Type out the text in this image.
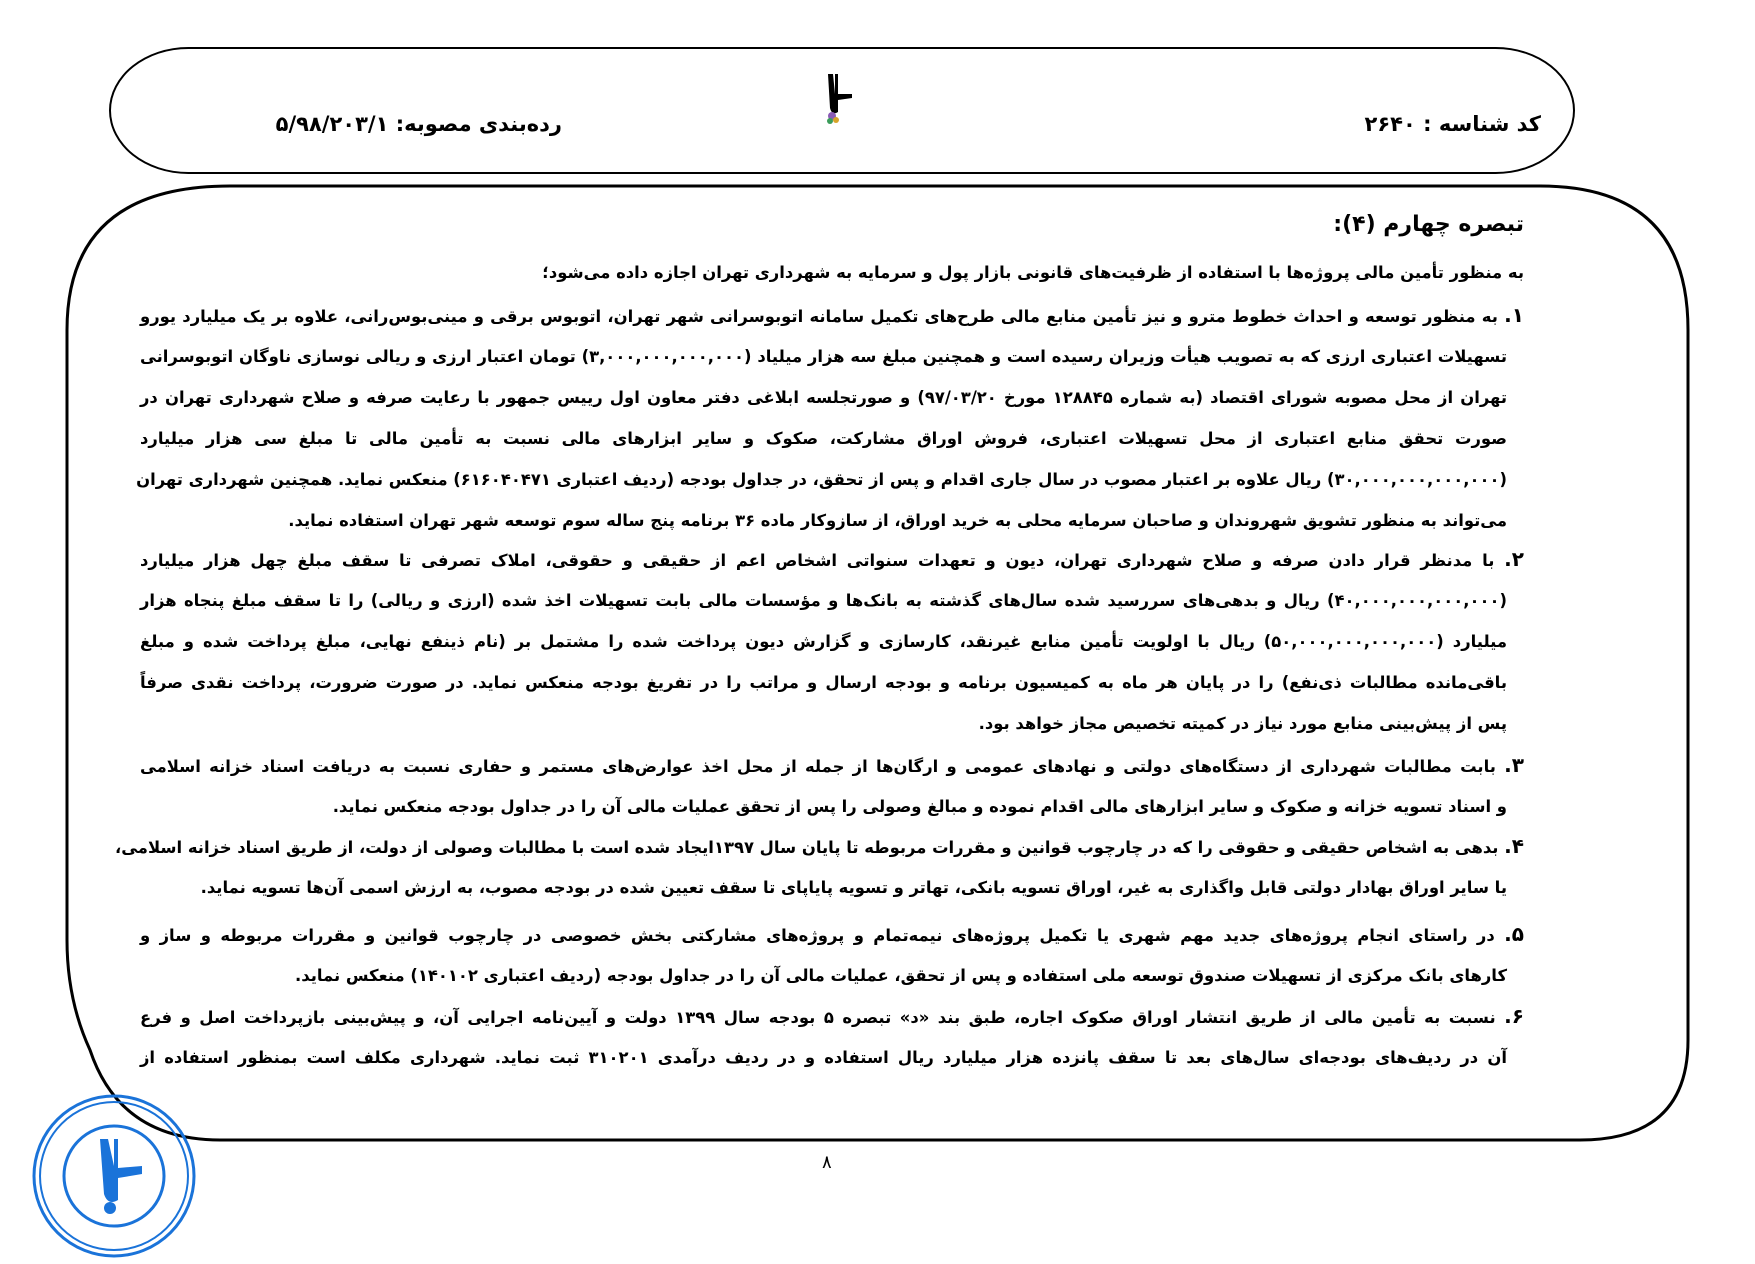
کد شناسه : ۲۶۴۰
رده‌بندی مصوبه: ۵/۹۸/۲۰۳/۱
تبصره چهارم (۴):
به منظور تأمین مالی پروژه‌ها با استفاده از ظرفیت‌های قانونی بازار پول و سرمایه به شهرداری تهران اجازه داده می‌شود؛
۱. به منظور توسعه و احداث خطوط مترو و نیز تأمین منابع مالی طرح‌های تکمیل سامانه اتوبوسرانی شهر تهران، اتوبوس برقی و مینی‌بوس‌رانی، علاوه بر یک میلیارد یورو
تسهیلات اعتباری ارزی که به تصویب هیأت وزیران رسیده است و همچنین مبلغ سه هزار میلیاد (۳,۰۰۰,۰۰۰,۰۰۰,۰۰۰) تومان اعتبار ارزی و ریالی نوسازی ناوگان اتوبوسرانی
تهران از محل مصوبه شورای اقتصاد (به شماره ۱۲۸۸۴۵ مورخ ۹۷/۰۳/۲۰) و صورتجلسه ابلاغی دفتر معاون اول رییس جمهور با رعایت صرفه و صلاح شهرداری تهران در
صورت تحقق منابع اعتباری از محل تسهیلات اعتباری، فروش اوراق مشارکت، صکوک و سایر ابزارهای مالی نسبت به تأمین مالی تا مبلغ سی هزار میلیارد
(۳۰,۰۰۰,۰۰۰,۰۰۰,۰۰۰) ریال علاوه بر اعتبار مصوب در سال جاری اقدام و پس از تحقق، در جداول بودجه (ردیف اعتباری ۶۱۶۰۴۰۴۷۱) منعکس نماید. همچنین شهرداری تهران
می‌تواند به منظور تشویق شهروندان و صاحبان سرمایه محلی به خرید اوراق، از سازوکار ماده ۳۶ برنامه پنج ساله سوم توسعه شهر تهران استفاده نماید.
۲. با مدنظر قرار دادن صرفه و صلاح شهرداری تهران، دیون و تعهدات سنواتی اشخاص اعم از حقیقی و حقوقی، املاک تصرفی تا سقف مبلغ چهل هزار میلیارد
(۴۰,۰۰۰,۰۰۰,۰۰۰,۰۰۰) ریال و بدهی‌های سررسید شده سال‌های گذشته به بانک‌ها و مؤسسات مالی بابت تسهیلات اخذ شده (ارزی و ریالی) را تا سقف مبلغ پنجاه هزار
میلیارد (۵۰,۰۰۰,۰۰۰,۰۰۰,۰۰۰) ریال با اولویت تأمین منابع غیرنقد، کارسازی و گزارش دیون پرداخت شده را مشتمل بر (نام ذینفع نهایی، مبلغ پرداخت شده و مبلغ
باقی‌مانده مطالبات ذی‌نفع) را در پایان هر ماه به کمیسیون برنامه و بودجه ارسال و مراتب را در تفریغ بودجه منعکس نماید. در صورت ضرورت، پرداخت نقدی صرفاً
پس از پیش‌بینی منابع مورد نیاز در کمیته تخصیص مجاز خواهد بود.
۳. بابت مطالبات شهرداری از دستگاه‌های دولتی و نهادهای عمومی و ارگان‌ها از جمله از محل اخذ عوارض‌های مستمر و حفاری نسبت به دریافت اسناد خزانه اسلامی
و اسناد تسویه خزانه و صکوک و سایر ابزارهای مالی اقدام نموده و مبالغ وصولی را پس از تحقق عملیات مالی آن را در جداول بودجه منعکس نماید.
۴. بدهی به اشخاص حقیقی و حقوقی را که در چارچوب قوانین و مقررات مربوطه تا پایان سال ۱۳۹۷ایجاد شده است با مطالبات وصولی از دولت، از طریق اسناد خزانه اسلامی،
یا سایر اوراق بهادار دولتی قابل واگذاری به غیر، اوراق تسویه بانکی، تهاتر و تسویه پایاپای تا سقف تعیین شده در بودجه مصوب، به ارزش اسمی آن‌ها تسویه نماید.
۵. در راستای انجام پروژه‌های جدید مهم شهری یا تکمیل پروژه‌های نیمه‌تمام و پروژه‌های مشارکتی بخش خصوصی در چارچوب قوانین و مقررات مربوطه و ساز و
کارهای بانک مرکزی از تسهیلات صندوق توسعه ملی استفاده و پس از تحقق، عملیات مالی آن را در جداول بودجه (ردیف اعتباری ۱۴۰۱۰۲) منعکس نماید.
۶. نسبت به تأمین مالی از طریق انتشار اوراق صکوک اجاره، طبق بند «د» تبصره ۵ بودجه سال ۱۳۹۹ دولت و آیین‌نامه اجرایی آن، و پیش‌بینی بازپرداخت اصل و فرع
آن در ردیف‌های بودجه‌ای سال‌های بعد تا سقف پانزده هزار میلیارد ریال استفاده و در ردیف درآمدی ۳۱۰۲۰۱ ثبت نماید. شهرداری مکلف است بمنظور استفاده از
۸
